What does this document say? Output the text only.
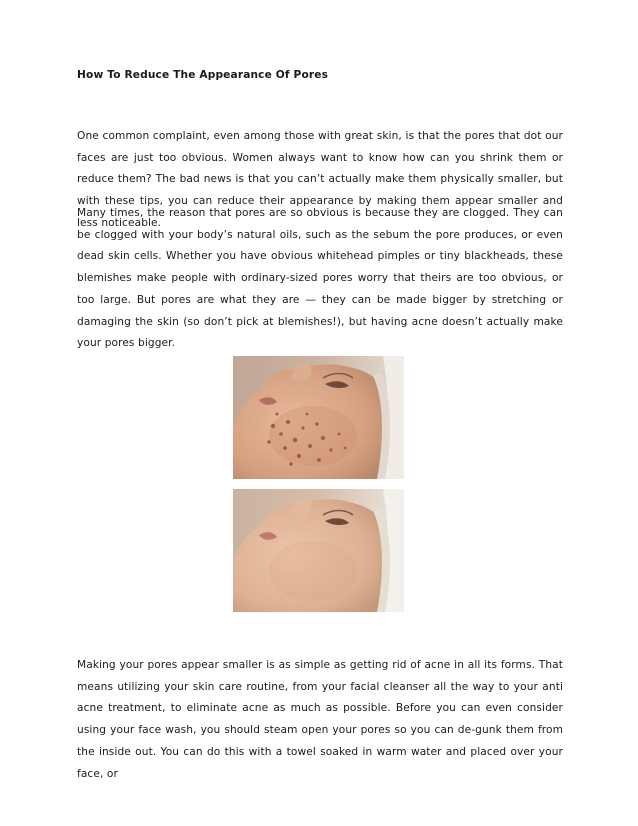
How To Reduce The Appearance Of Pores

One common complaint, even among those with great skin, is that the pores that dot our faces are just too obvious. Women always want to know how can you shrink them or reduce them? The bad news is that you can’t actually make them physically smaller, but with these tips, you can reduce their appearance by making them appear smaller and less noticeable.

Many times, the reason that pores are so obvious is because they are clogged. They can be clogged with your body’s natural oils, such as the sebum the pore produces, or even dead skin cells. Whether you have obvious whitehead pimples or tiny blackheads, these blemishes make people with ordinary-sized pores worry that theirs are too obvious, or too large. But pores are what they are — they can be made bigger by stretching or damaging the skin (so don’t pick at blemishes!), but having acne doesn’t actually make your pores bigger.

Making your pores appear smaller is as simple as getting rid of acne in all its forms. That means utilizing your skin care routine, from your facial cleanser all the way to your anti acne treatment, to eliminate acne as much as possible. Before you can even consider using your face wash, you should steam open your pores so you can de-gunk them from the inside out. You can do this with a towel soaked in warm water and placed over your face, or
